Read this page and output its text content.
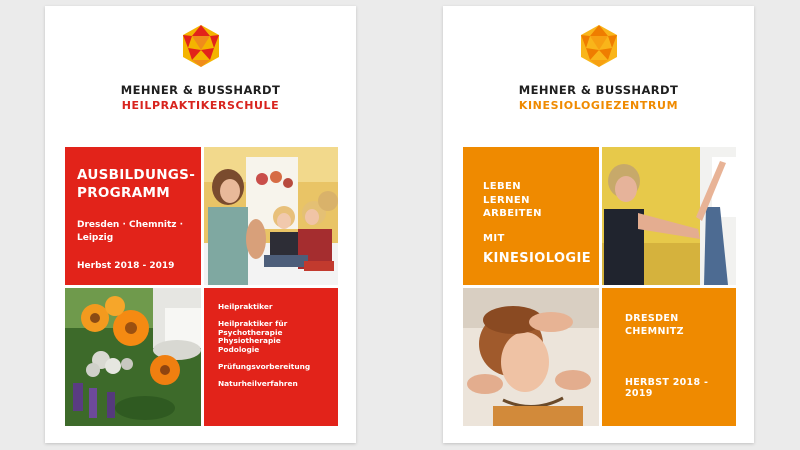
MEHNER & BUSSHARDT
HEILPRAKTIKERSCHULE
AUSBILDUNGS-
PROGRAMM
Dresden · Chemnitz ·
Leipzig
Herbst 2018 - 2019
Heilpraktiker
Heilpraktiker für
Psychotherapie
Physiotherapie
Podologie
Prüfungsvorbereitung
Naturheilverfahren
MEHNER & BUSSHARDT
KINESIOLOGIEZENTRUM
LEBEN
LERNEN
ARBEITEN
MIT
KINESIOLOGIE
DRESDEN
CHEMNITZ
HERBST 2018 - 2019
